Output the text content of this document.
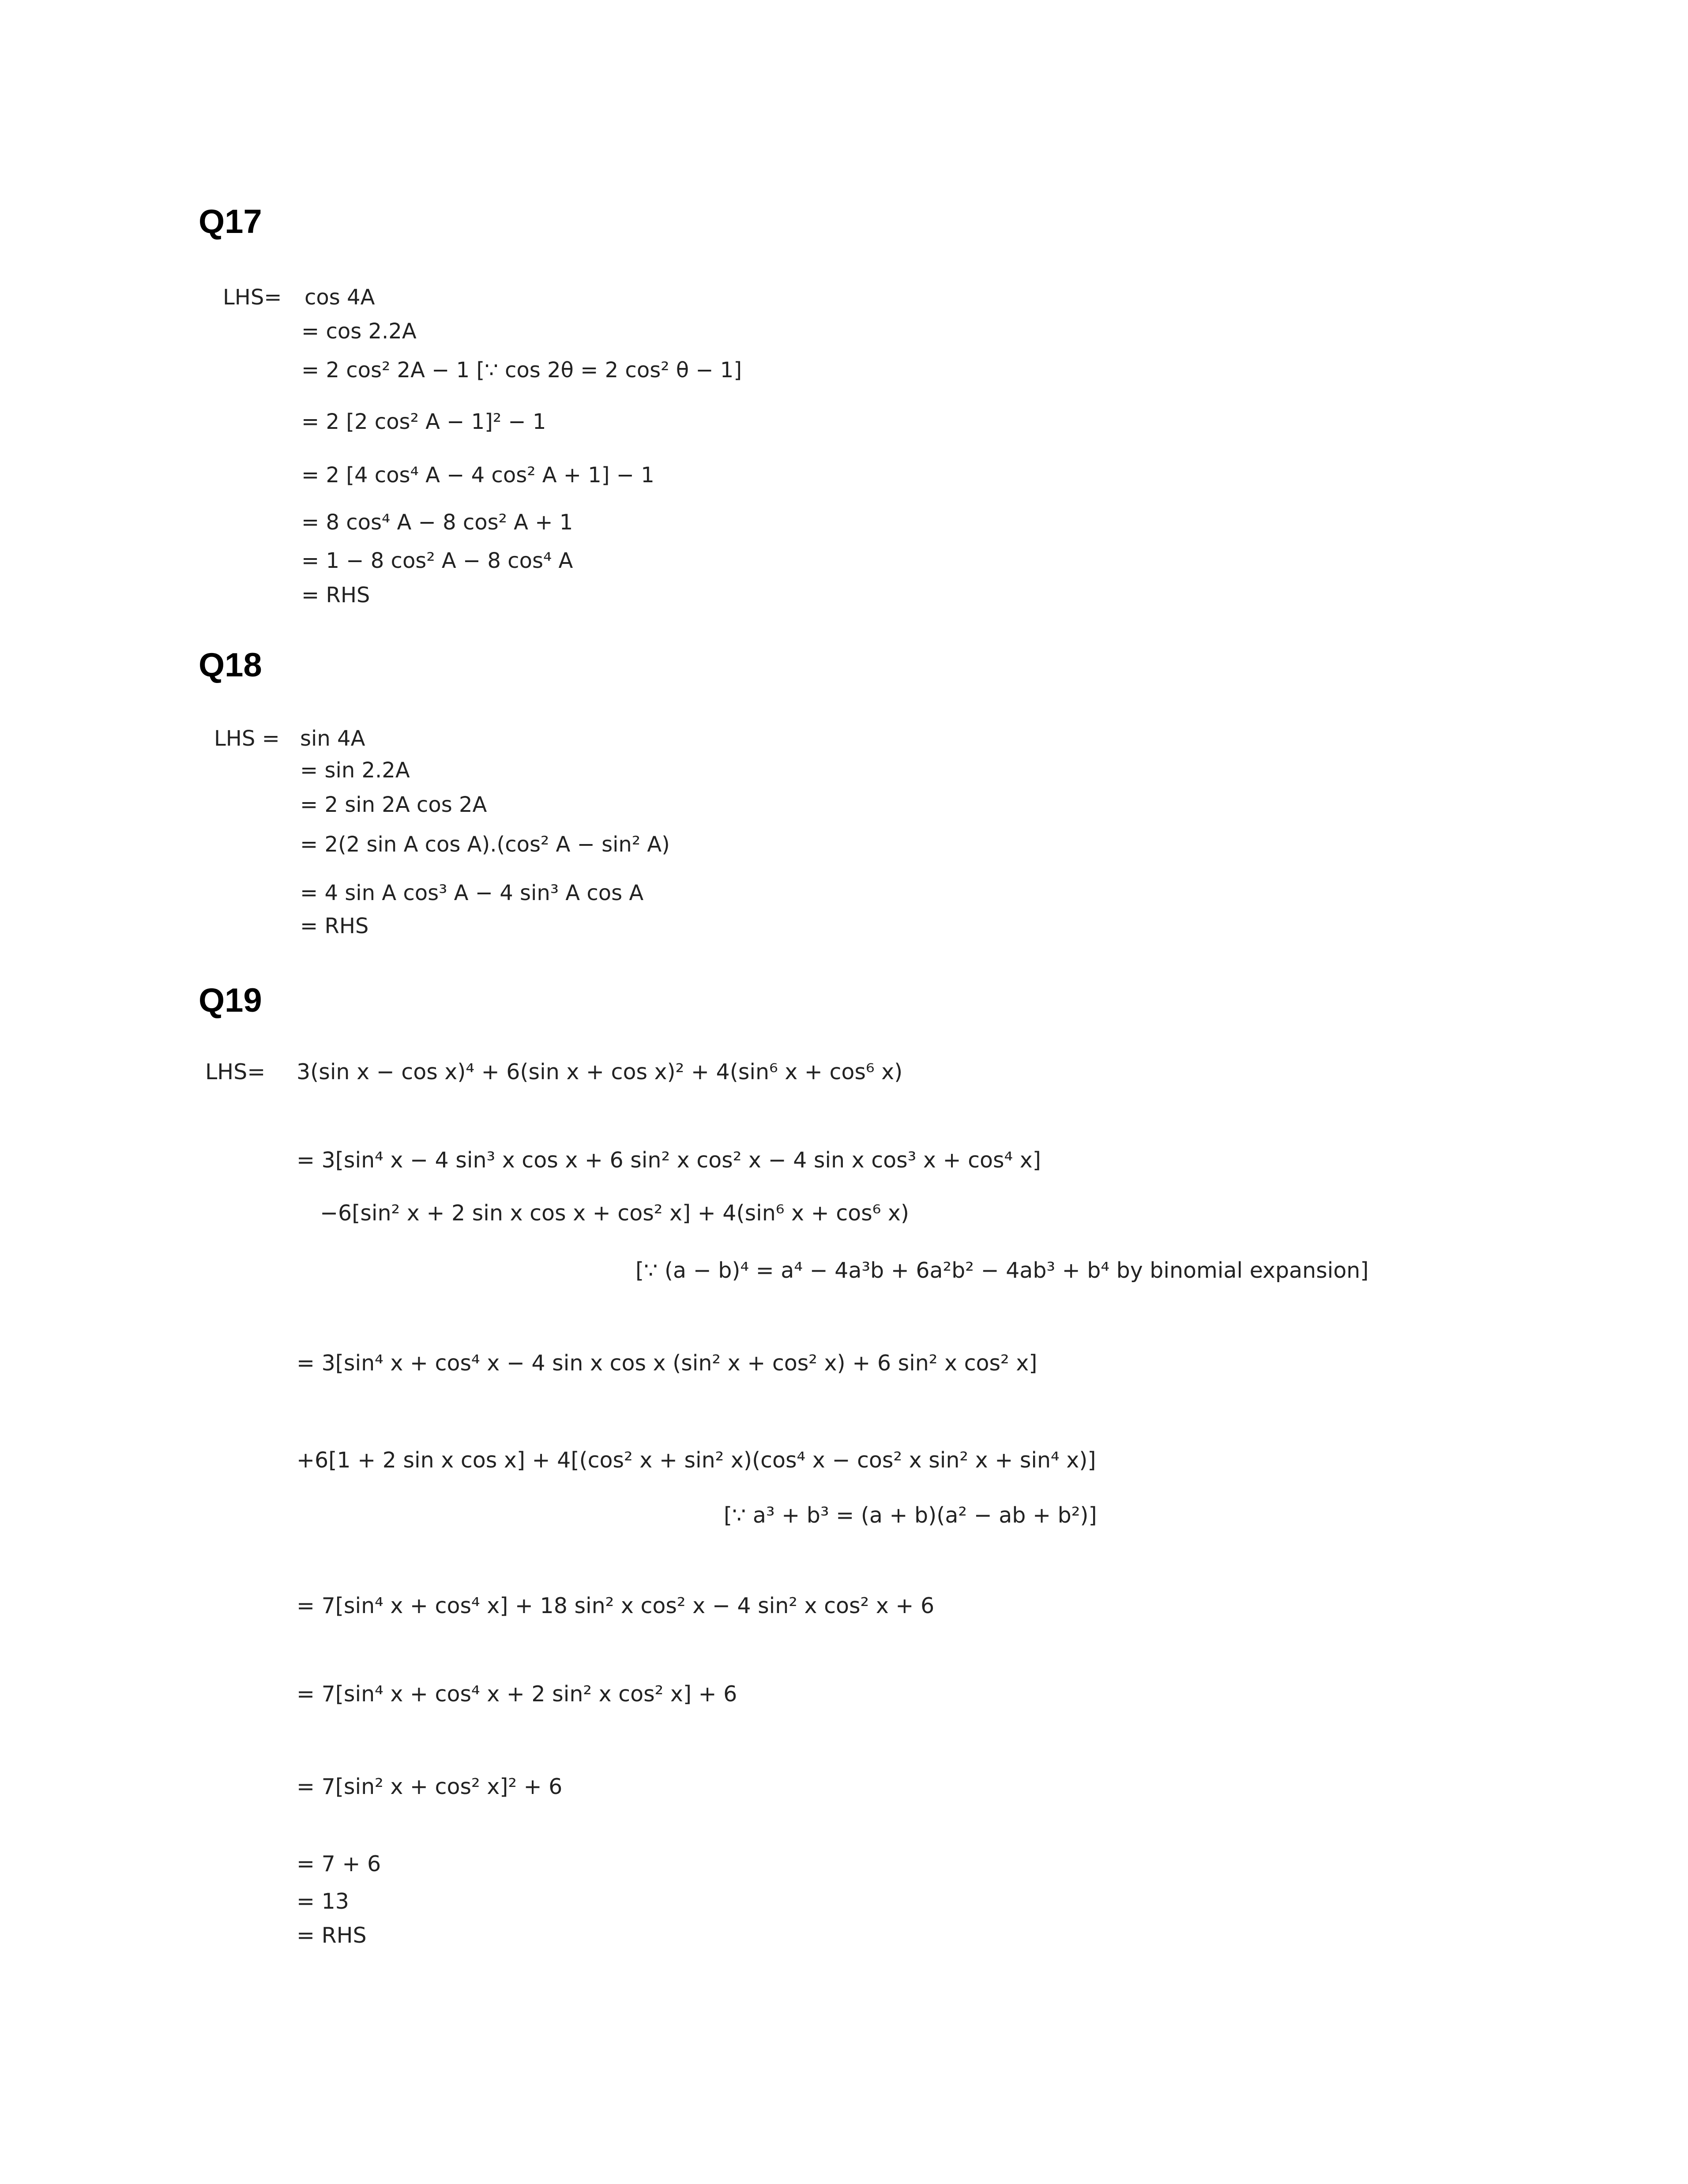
Q17
LHS= cos 4A
= cos 2.2A
= 2 cos² 2A − 1 [∵ cos 2θ = 2 cos² θ − 1]
= 2 [2 cos² A − 1]² − 1
= 2 [4 cos⁴ A − 4 cos² A + 1] − 1
= 8 cos⁴ A − 8 cos² A + 1
= 1 − 8 cos² A − 8 cos⁴ A
= RHS
Q18
LHS = sin 4A
= sin 2.2A
= 2 sin 2A cos 2A
= 2(2 sin A cos A).(cos² A − sin² A)
= 4 sin A cos³ A − 4 sin³ A cos A
= RHS
Q19
LHS= 3(sin x − cos x)⁴ + 6(sin x + cos x)² + 4(sin⁶ x + cos⁶ x)
= 3[sin⁴ x − 4 sin³ x cos x + 6 sin² x cos² x − 4 sin x cos³ x + cos⁴ x]
−6[sin² x + 2 sin x cos x + cos² x] + 4(sin⁶ x + cos⁶ x)
[∵ (a − b)⁴ = a⁴ − 4a³b + 6a²b² − 4ab³ + b⁴ by binomial expansion]
= 3[sin⁴ x + cos⁴ x − 4 sin x cos x (sin² x + cos² x) + 6 sin² x cos² x]
+6[1 + 2 sin x cos x] + 4[(cos² x + sin² x)(cos⁴ x − cos² x sin² x + sin⁴ x)]
[∵ a³ + b³ = (a + b)(a² − ab + b²)]
= 7[sin⁴ x + cos⁴ x] + 18 sin² x cos² x − 4 sin² x cos² x + 6
= 7[sin⁴ x + cos⁴ x + 2 sin² x cos² x] + 6
= 7[sin² x + cos² x]² + 6
= 7 + 6
= 13
= RHS
